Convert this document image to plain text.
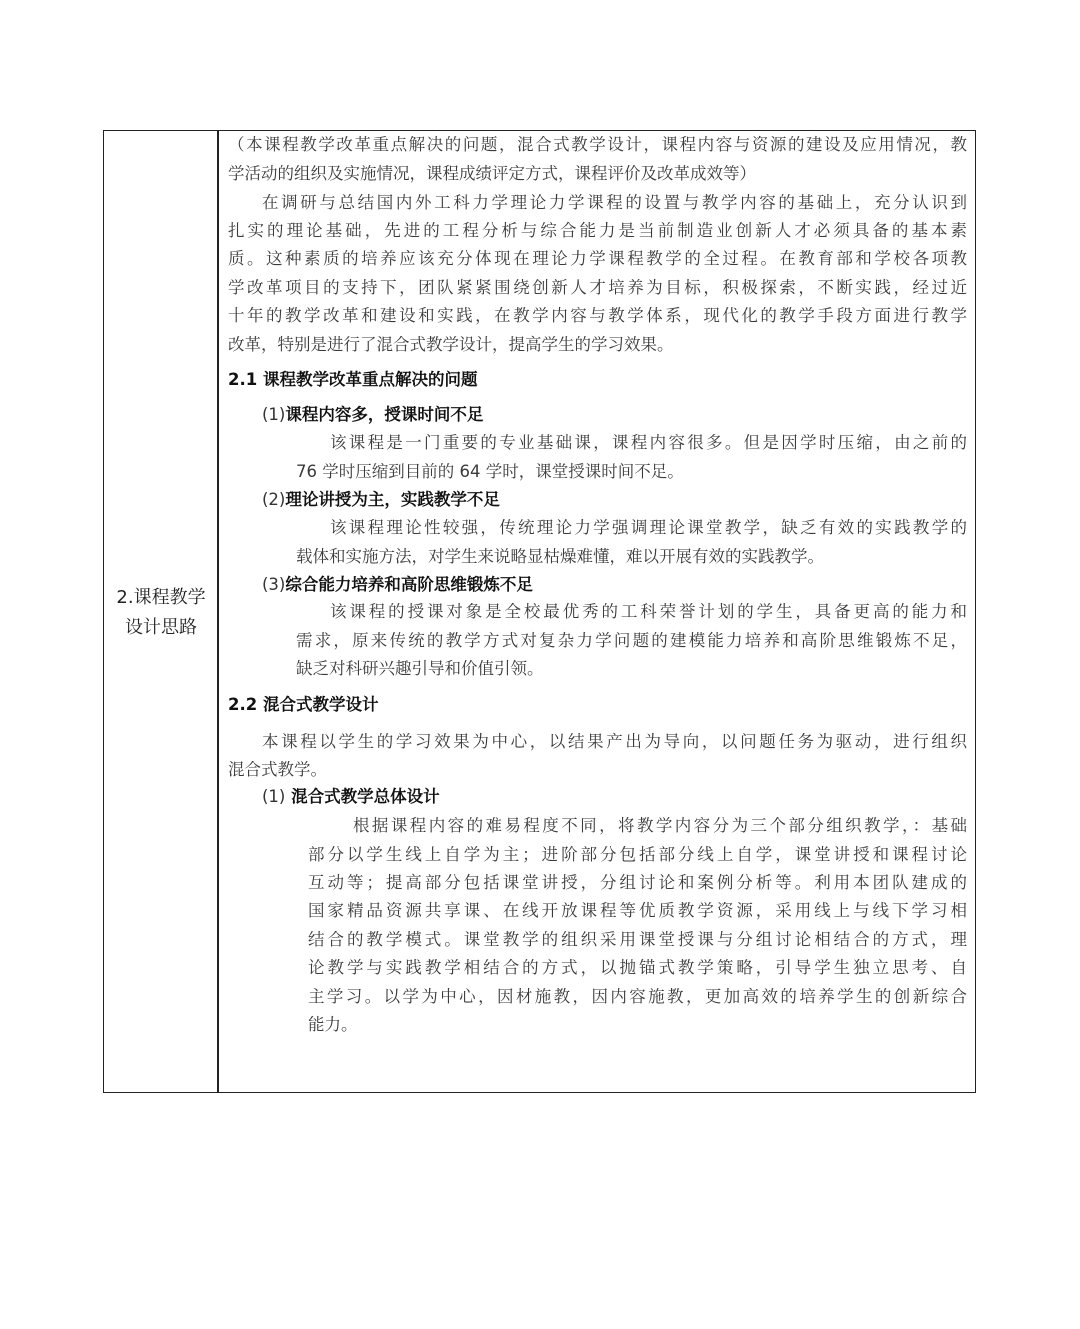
2.课程教学
设计思路
（本课程教学改革重点解决的问题，混合式教学设计，课程内容与资源的建设及应用情况，教
学活动的组织及实施情况，课程成绩评定方式，课程评价及改革成效等）
在调研与总结国内外工科力学理论力学课程的设置与教学内容的基础上，充分认识到
扎实的理论基础，先进的工程分析与综合能力是当前制造业创新人才必须具备的基本素
质。这种素质的培养应该充分体现在理论力学课程教学的全过程。在教育部和学校各项教
学改革项目的支持下，团队紧紧围绕创新人才培养为目标，积极探索，不断实践，经过近
十年的教学改革和建设和实践，在教学内容与教学体系，现代化的教学手段方面进行教学
改革，特别是进行了混合式教学设计，提高学生的学习效果。
2.1 课程教学改革重点解决的问题
(1)课程内容多，授课时间不足
该课程是一门重要的专业基础课，课程内容很多。但是因学时压缩，由之前的
76 学时压缩到目前的 64 学时，课堂授课时间不足。
(2)理论讲授为主，实践教学不足
该课程理论性较强，传统理论力学强调理论课堂教学，缺乏有效的实践教学的
载体和实施方法，对学生来说略显枯燥难懂，难以开展有效的实践教学。
(3)综合能力培养和高阶思维锻炼不足
该课程的授课对象是全校最优秀的工科荣誉计划的学生，具备更高的能力和
需求，原来传统的教学方式对复杂力学问题的建模能力培养和高阶思维锻炼不足，
缺乏对科研兴趣引导和价值引领。
2.2 混合式教学设计
本课程以学生的学习效果为中心，以结果产出为导向，以问题任务为驱动，进行组织
混合式教学。
(1) 混合式教学总体设计
根据课程内容的难易程度不同，将教学内容分为三个部分组织教学，：基础
部分以学生线上自学为主；进阶部分包括部分线上自学，课堂讲授和课程讨论
互动等；提高部分包括课堂讲授，分组讨论和案例分析等。利用本团队建成的
国家精品资源共享课、在线开放课程等优质教学资源，采用线上与线下学习相
结合的教学模式。课堂教学的组织采用课堂授课与分组讨论相结合的方式，理
论教学与实践教学相结合的方式，以抛锚式教学策略，引导学生独立思考、自
主学习。以学为中心，因材施教，因内容施教，更加高效的培养学生的创新综合
能力。
